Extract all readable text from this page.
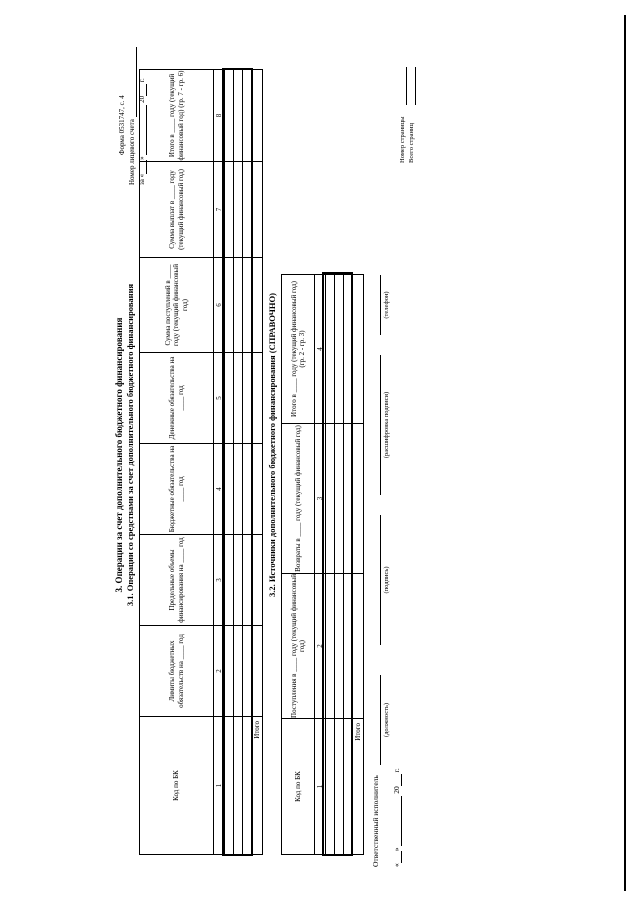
Форма 0531747, с. 4 Номер лицевого счета за «»  20 г.
3. Операции за счет дополнительного бюджетного финансирования 3.1. Операции со средствами за счет дополнительного бюджетного финансирования
Код по БК	Лимиты бюджетных обязательств на ____ год	Предельные объемы финансирования на ____ год	Бюджетные обязательства на ____ год	Денежные обязательства на ____ год	Сумма поступлений в ____ году (текущий финансовый год)	Сумма выплат в ____ году (текущий финансовый год)	Итого в ____ году (текущий финансовый год) (гр. 7 - гр. 6)
1	2	3	4	5	6	7	8

Итого							
3.2. Источники дополнительного бюджетного финансирования (СПРАВОЧНО)
Код по БК	Поступления в ____ году (текущий финансовый год)	Возвраты в ____ году (текущий финансовый год)	Итого в ____ году (текущий финансовый год) (гр. 2 - гр. 3)
1	2	3	4

Итого			
Ответственный исполнитель
(должность)
(подпись)
(расшифровка подписи)
(телефон)
«»  20 г.
Номер страницы Всего страниц
